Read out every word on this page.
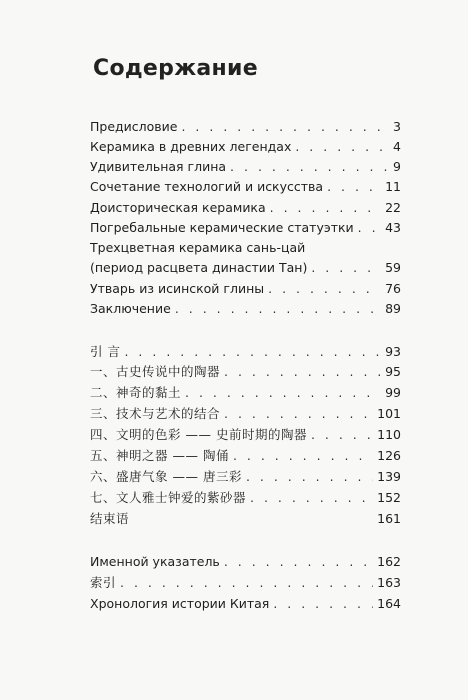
Содержание
Предисловие . . .	3
Керамика в древних легендах . . .	4
Удивительная глина . . .	9
Сочетание технологий и искусства . . .	11
Доисторическая керамика . . .	22
Погребальные керамические статуэтки . . .	43
Трехцветная керамика сань-цай
(период расцвета династии Тан) . . .	59
Утварь из исинской глины . . .	76
Заключение . . .	89
引 言 . . .	93
一、古史传说中的陶器 . . .	95
二、神奇的黏土 . . .	99
三、技术与艺术的结合 . . .	101
四、文明的色彩 —— 史前时期的陶器 . . .	110
五、神明之器 —— 陶俑 . . .	126
六、盛唐气象 —— 唐三彩 . . .	139
七、文人雅士钟爱的紫砂器 . . .	152
结束语	161
Именной указатель . . .	162
索引 . . .	163
Хронология истории Китая . . .	164
